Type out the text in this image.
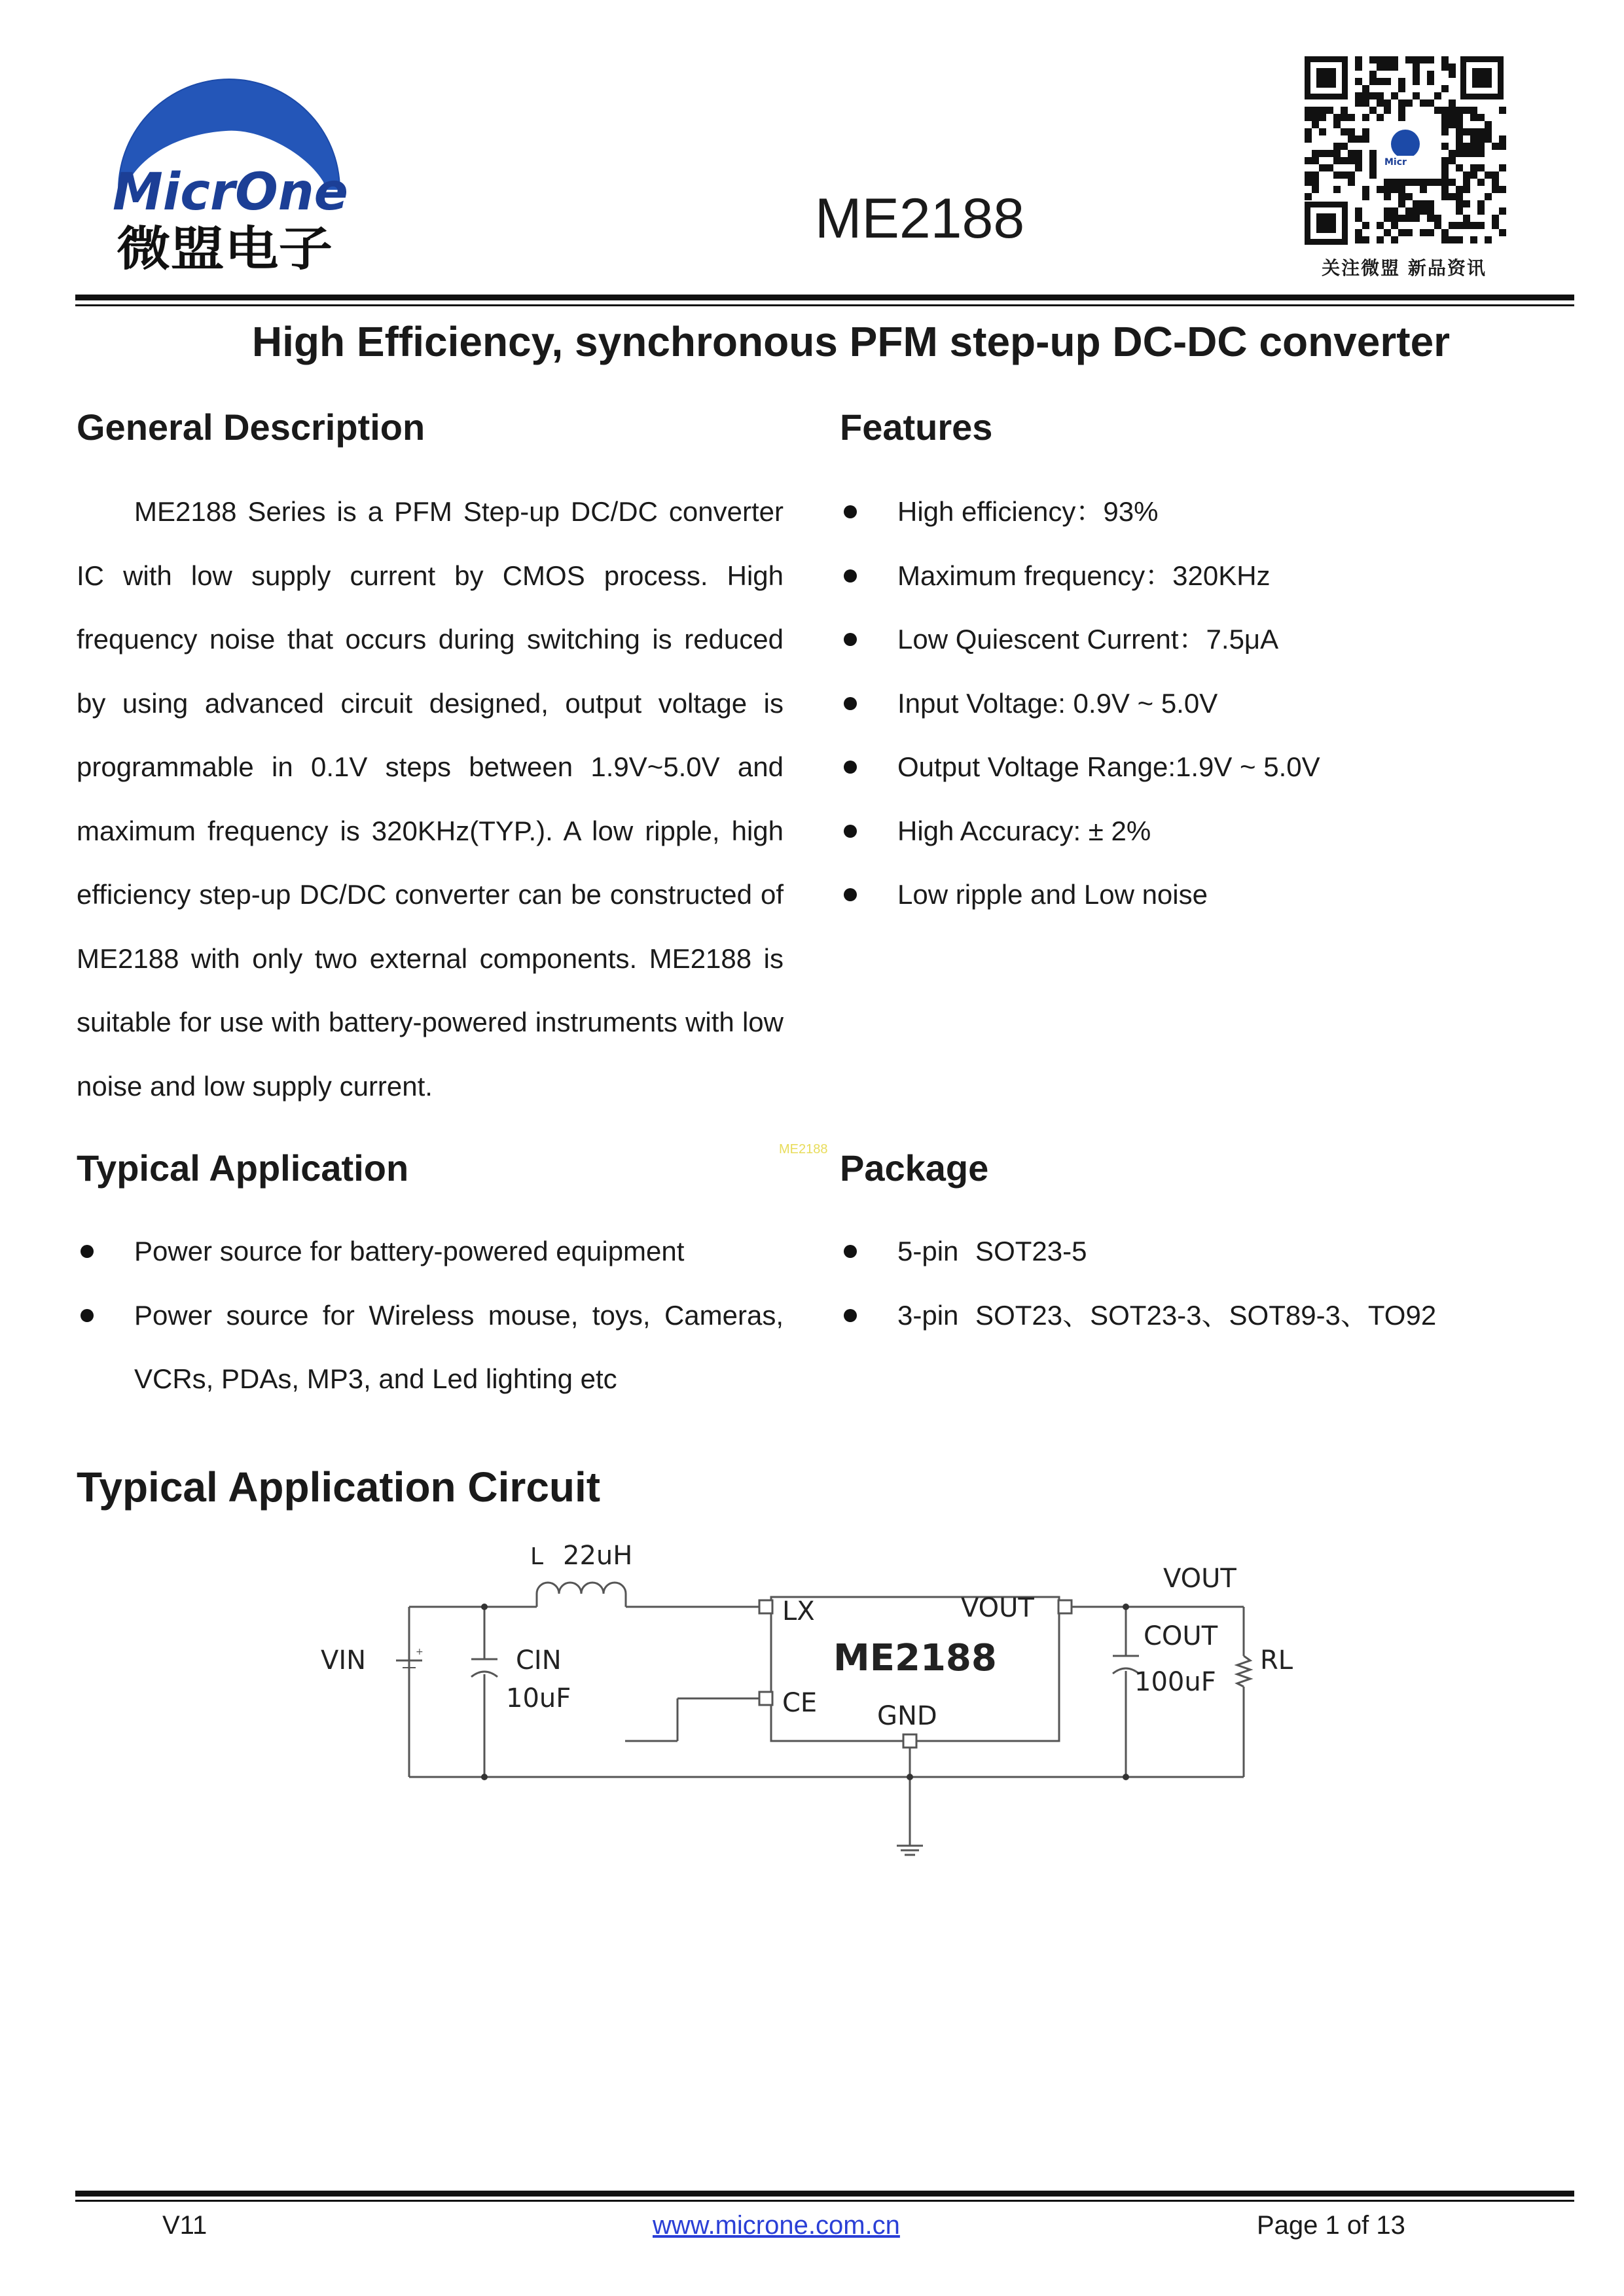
MicrOne
微盟电子	ME2188
Micr
关注微盟 新品资讯
High Efficiency, synchronous PFM step-up DC-DC converter
General Description

ME2188 Series is a PFM Step-up DC/DC converter IC with low supply current by CMOS process. High frequency noise that occurs during switching is reduced by using advanced circuit designed, output voltage is programmable in 0.1V steps between 1.9V~5.0V and maximum frequency is 320KHz(TYP.). A low ripple, high efficiency step-up DC/DC converter can be constructed of ME2188 with only two external components. ME2188 is suitable for use with battery-powered instruments with low noise and low supply current.

Features
High efficiency：93%
Maximum frequency：320KHz
Low Quiescent Current：7.5μA
Input Voltage: 0.9V ~ 5.0V
Output Voltage Range:1.9V ~ 5.0V
High Accuracy: ± 2%
Low ripple and Low noise
ME2188
Typical Application
Power source for battery-powered equipment
Power source for Wireless mouse, toys, Cameras, VCRs, PDAs, MP3, and Led lighting etc
Package
5-pin SOT23-5
3-pin SOT23、SOT23-3、SOT89-3、TO92
Typical Application Circuit
+
L 22uH
VIN	CIN
10uF
LX	VOUT
ME2188
CE GND
VOUT
COUT
100uF
RL
V11	www.microne.com.cn	Page 1 of 13
